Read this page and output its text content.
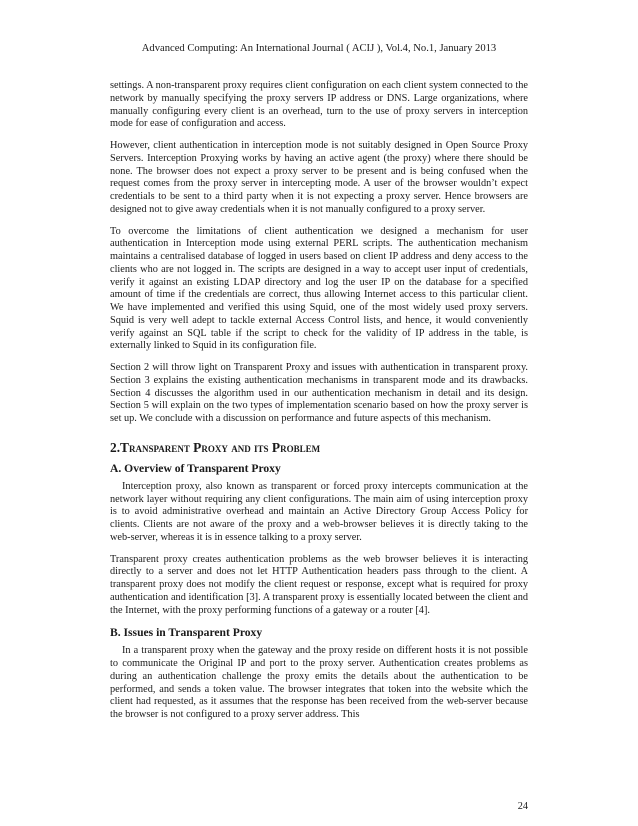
Advanced Computing: An International Journal ( ACIJ ), Vol.4, No.1, January 2013

settings. A non-transparent proxy requires client configuration on each client system connected to the network by manually specifying the proxy servers IP address or DNS. Large organizations, where manually configuring every client is an overhead, turn to the use of proxy servers in interception mode for ease of configuration and access.

However, client authentication in interception mode is not suitably designed in Open Source Proxy Servers. Interception Proxying works by having an active agent (the proxy) where there should be none. The browser does not expect a proxy server to be present and is being confused when the request comes from the proxy server in intercepting mode. A user of the browser wouldn’t expect credentials to be sent to a third party when it is not expecting a proxy server. Hence browsers are designed not to give away credentials when it is not manually configured to a proxy server.

To overcome the limitations of client authentication we designed a mechanism for user authentication in Interception mode using external PERL scripts. The authentication mechanism maintains a centralised database of logged in users based on client IP address and deny access to the clients who are not logged in. The scripts are designed in a way to accept user input of credentials, verify it against an existing LDAP directory and log the user IP on the database for a specified amount of time if the credentials are correct, thus allowing Internet access to this particular client. We have implemented and verified this using Squid, one of the most widely used proxy servers. Squid is very well adept to tackle external Access Control lists, and hence, it would conveniently verify against an SQL table if the script to check for the validity of IP address in the table, is externally linked to Squid in its configuration file.

Section 2 will throw light on Transparent Proxy and issues with authentication in transparent proxy. Section 3 explains the existing authentication mechanisms in transparent mode and its drawbacks. Section 4 discusses the algorithm used in our authentication mechanism in detail and its design. Section 5 will explain on the two types of implementation scenario based on how the proxy server is set up. We conclude with a discussion on performance and future aspects of this mechanism.

2.Transparent Proxy and its Problem
A. Overview of Transparent Proxy

Interception proxy, also known as transparent or forced proxy intercepts communication at the network layer without requiring any client configurations. The main aim of using interception proxy is to avoid administrative overhead and maintain an Active Directory Group Access Policy for clients. Clients are not aware of the proxy and a web-browser believes it is directly taking to the web-server, whereas it is in essence talking to a proxy server.

Transparent proxy creates authentication problems as the web browser believes it is interacting directly to a server and does not let HTTP Authentication headers pass through to the client. A transparent proxy does not modify the client request or response, except what is required for proxy authentication and identification [3]. A transparent proxy is essentially located between the client and the Internet, with the proxy performing functions of a gateway or a router [4].

B. Issues in Transparent Proxy

In a transparent proxy when the gateway and the proxy reside on different hosts it is not possible to communicate the Original IP and port to the proxy server. Authentication creates problems as during an authentication challenge the proxy emits the details about the authentication to be performed, and sends a token value. The browser integrates that token into the website which the client had requested, as it assumes that the response has been received from the web-server because the browser is not configured to a proxy server address. This

24
